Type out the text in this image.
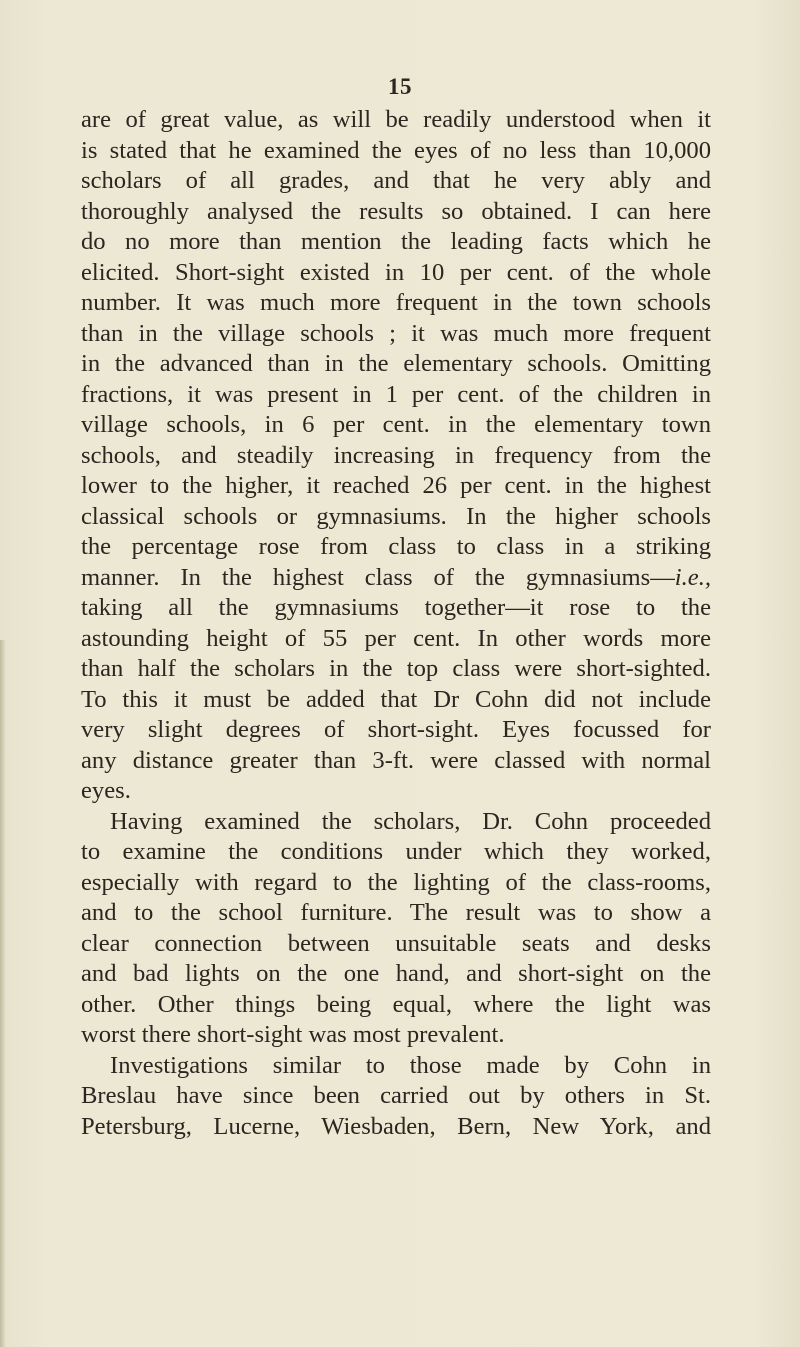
15
are of great value, as will be readily understood when it
is stated that he examined the eyes of no less than 10,000
scholars of all grades, and that he very ably and
thoroughly analysed the results so obtained. I can here
do no more than mention the leading facts which he
elicited. Short-sight existed in 10 per cent. of the whole
number. It was much more frequent in the town schools
than in the village schools ; it was much more frequent
in the advanced than in the elementary schools. Omitting
fractions, it was present in 1 per cent. of the children in
village schools, in 6 per cent. in the elementary town
schools, and steadily increasing in frequency from the
lower to the higher, it reached 26 per cent. in the highest
classical schools or gymnasiums. In the higher schools
the percentage rose from class to class in a striking
manner. In the highest class of the gymnasiums—i.e.,
taking all the gymnasiums together—it rose to the
astounding height of 55 per cent. In other words more
than half the scholars in the top class were short-sighted.
To this it must be added that Dr Cohn did not include
very slight degrees of short-sight. Eyes focussed for
any distance greater than 3-ft. were classed with normal
eyes.
Having examined the scholars, Dr. Cohn proceeded
to examine the conditions under which they worked,
especially with regard to the lighting of the class-rooms,
and to the school furniture. The result was to show a
clear connection between unsuitable seats and desks
and bad lights on the one hand, and short-sight on the
other. Other things being equal, where the light was
worst there short-sight was most prevalent.
Investigations similar to those made by Cohn in
Breslau have since been carried out by others in St.
Petersburg, Lucerne, Wiesbaden, Bern, New York, and
